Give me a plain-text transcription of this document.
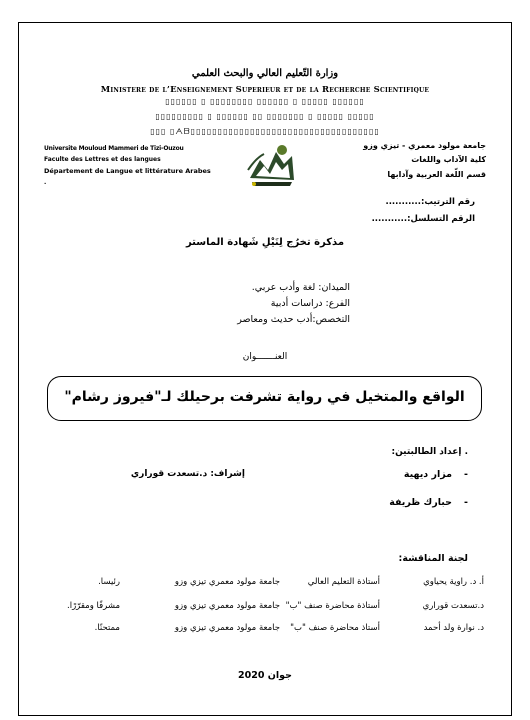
وزارة التّعليم العالي والبحث العلمي
Ministere de l’Enseignement Superieur et de la Recherche Scientifique
▯▯▯▯▯▯ ▯ ▯▯▯▯▯▯▯▯ ▯▯▯▯▯▯ ▯ ▯▯▯▯▯ ▯▯▯▯▯▯
▯▯▯▯▯▯▯▯▯ ▯ ▯▯▯▯▯▯ ▯▯ ▯▯▯▯▯▯▯ ▯ ▯▯▯▯▯ ▯▯▯▯▯
▯▯▯ ▯ᗅᗷ▯▯▯▯▯▯▯▯▯▯▯▯▯▯▯▯▯▯▯▯▯▯▯▯▯▯▯▯▯▯▯▯▯▯▯
Universite Mouloud Mammeri de Tizi-Ouzou
Faculte des Lettres et des langues
Département de Langue et littérature Arabes
.
جامعة مولود معمري - تيزي وزو
كلية الآداب واللغات
قسم اللّغة العربية وآدابها
رقم الترتيب:...........
الرقم التسلسل:...........
مذكرة تخرُج لِنَيْلِ شَهادة الماستر
الميدان: لغة وأدب عربي.
الفرع: دراسات أدبية
التخصص:أدب حديث ومعاصر
العنـــــــوان
الواقع والمتخيل في رواية تشرفت برحيلك لـ"فيروز رشام"
. إعداد الطالبتين:
-
مزار ديهية
-
حبارك ظريفة
إشراف: د.تسعدت قوراري
لجنة المناقشة:
أ. د. راوية يحياوي
أستاذة التعليم العالي
جامعة مولود معمري تيزي وزو
رئيسا.
د.تسعدت قوراري
أستاذة محاضرة صنف "ب"
جامعة مولود معمري تيزي وزو
مشرفًا ومقرّرًا.
د. نوارة ولد أحمد
أستاذ محاضرة صنف "ب"
جامعة مولود معمري تيزي وزو
ممتحنًا.
جوان 2020
